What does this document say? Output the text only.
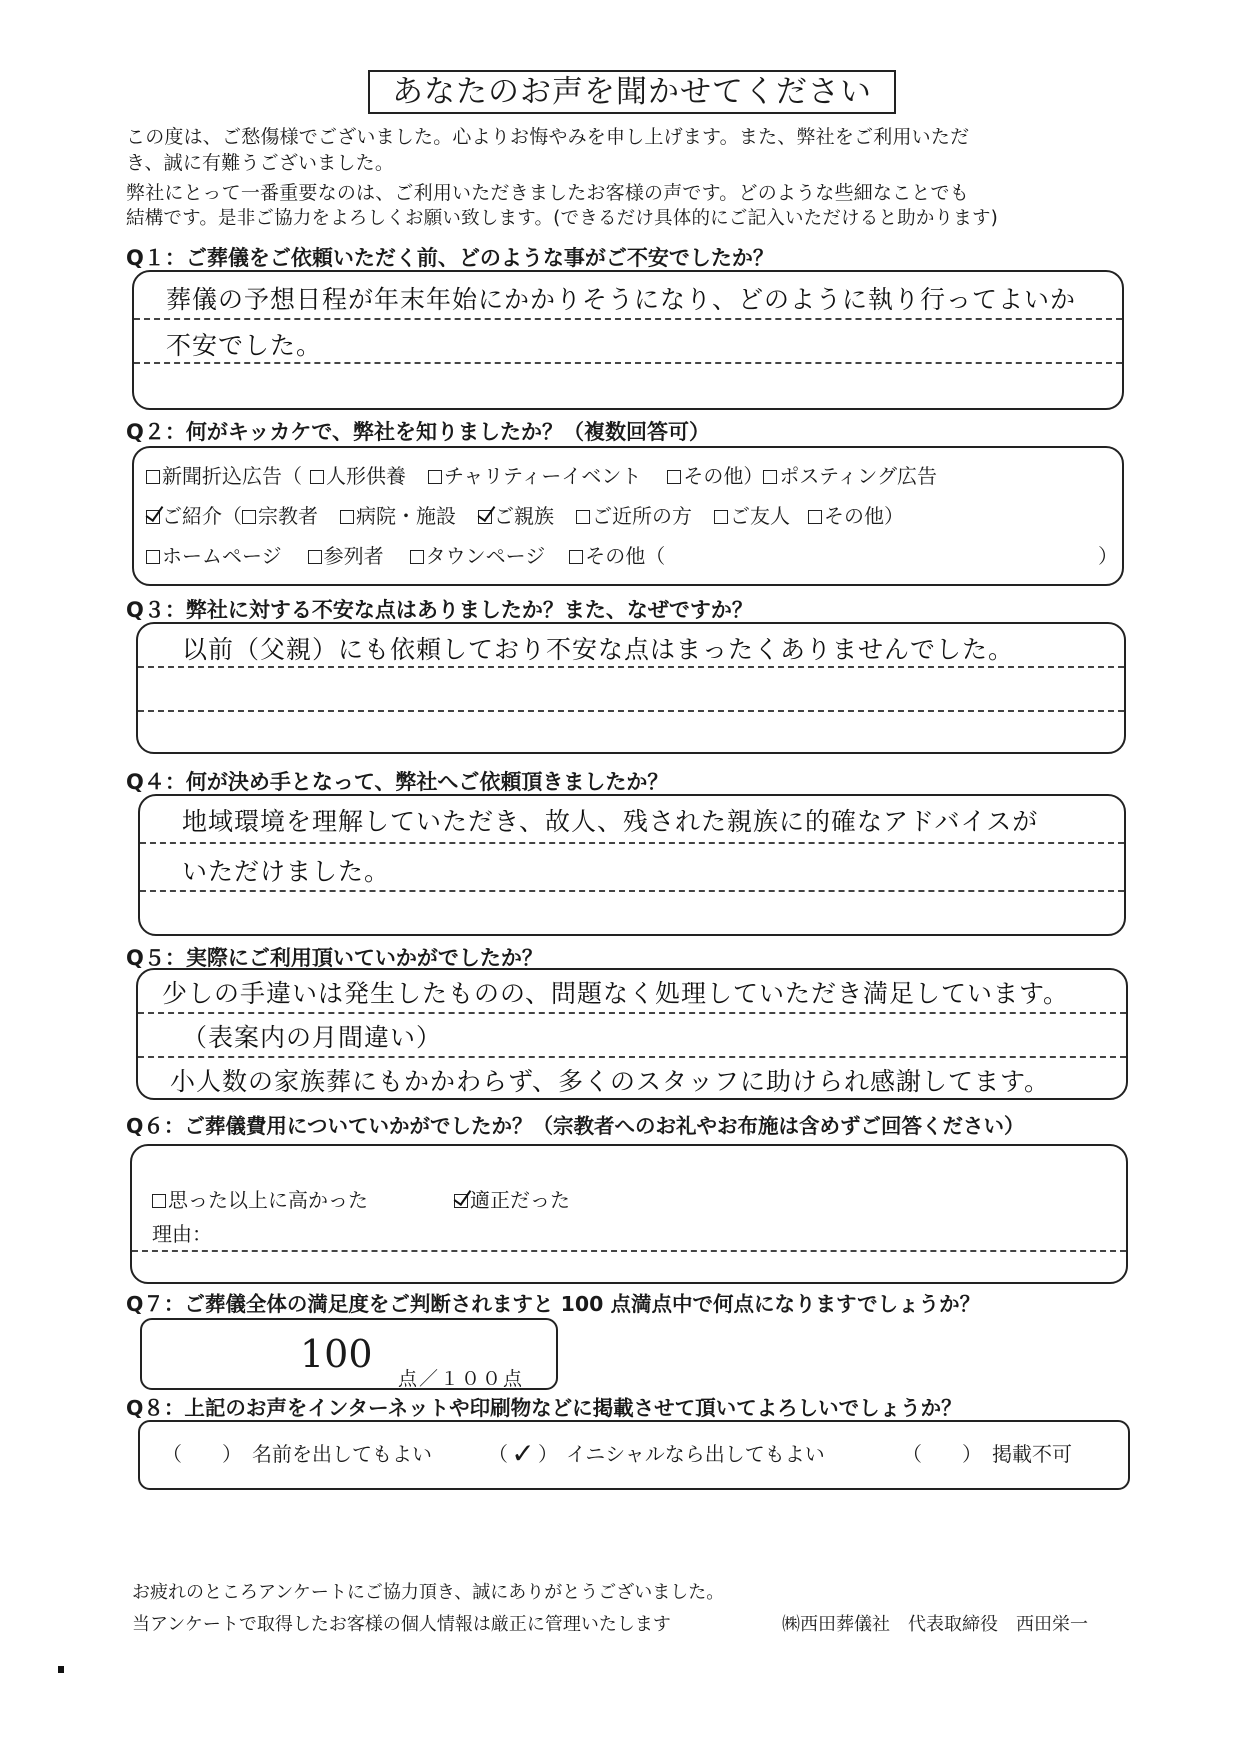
あなたのお声を聞かせてください
この度は、ご愁傷様でございました。心よりお悔やみを申し上げます。また、弊社をご利用いただ
き、誠に有難うございました。
弊社にとって一番重要なのは、ご利用いただきましたお客様の声です。どのような些細なことでも
結構です。是非ご協力をよろしくお願い致します。(できるだけ具体的にご記入いただけると助かります)
Q１：ご葬儀をご依頼いただく前、どのような事がご不安でしたか？
葬儀の予想日程が年末年始にかかりそうになり、どのように執り行ってよいか
不安でした。
Q２：何がキッカケで、弊社を知りましたか？（複数回答可）
新聞折込広告（ 人形供養 チャリティーイベント その他） ポスティング広告
ご紹介（ 宗教者 病院・施設 ご親族 ご近所の方 ご友人 その他）
ホームページ 参列者 タウンページ その他（	）
Q３：弊社に対する不安な点はありましたか？また、なぜですか？
以前（父親）にも依頼しており不安な点はまったくありませんでした。
Q４：何が決め手となって、弊社へご依頼頂きましたか？
地域環境を理解していただき、故人、残された親族に的確なアドバイスが
いただけました。
Q５：実際にご利用頂いていかがでしたか？
少しの手違いは発生したものの、問題なく処理していただき満足しています。
（表案内の月間違い）
小人数の家族葬にもかかわらず、多くのスタッフに助けられ感謝してます。
Q６：ご葬儀費用についていかがでしたか？（宗教者へのお礼やお布施は含めずご回答ください）
思った以上に高かった	適正だった
理由：
Q７：ご葬儀全体の満足度をご判断されますと 100 点満点中で何点になりますでしょうか？
100
点／１００点
Q８：上記のお声をインターネットや印刷物などに掲載させて頂いてよろしいでしょうか？
（　　） 名前を出してもよい	（ ✓ ） イニシャルなら出してもよい	（　　） 掲載不可
お疲れのところアンケートにご協力頂き、誠にありがとうございました。
当アンケートで取得したお客様の個人情報は厳正に管理いたします	㈱西田葬儀社　代表取締役　西田栄一
